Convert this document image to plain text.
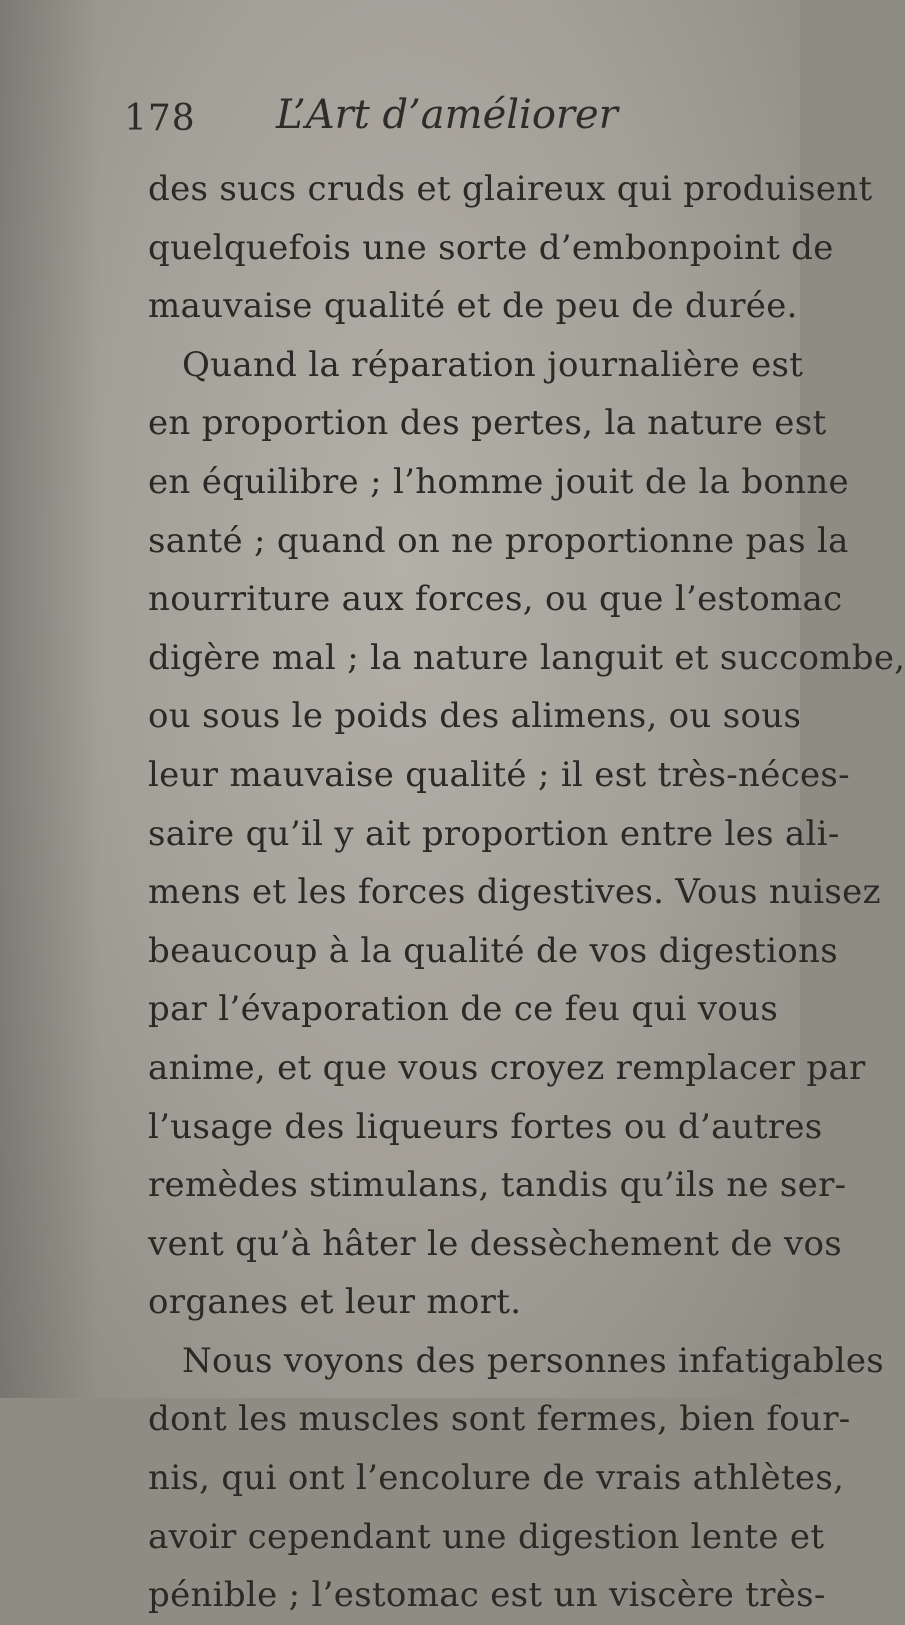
178 L’Art d’améliorer
des sucs cruds et glaireux qui produisent
quelquefois une sorte d’embonpoint de
mauvaise qualité et de peu de durée.
Quand la réparation journalière est
en proportion des pertes, la nature est
en équilibre ; l’homme jouit de la bonne
santé ; quand on ne proportionne pas la
nourriture aux forces, ou que l’estomac
digère mal ; la nature languit et succombe,
ou sous le poids des alimens, ou sous
leur mauvaise qualité ; il est très-néces-
saire qu’il y ait proportion entre les ali-
mens et les forces digestives. Vous nuisez
beaucoup à la qualité de vos digestions
par l’évaporation de ce feu qui vous
anime, et que vous croyez remplacer par
l’usage des liqueurs fortes ou d’autres
remèdes stimulans, tandis qu’ils ne ser-
vent qu’à hâter le dessèchement de vos
organes et leur mort.
Nous voyons des personnes infatigables
dont les muscles sont fermes, bien four-
nis, qui ont l’encolure de vrais athlètes,
avoir cependant une digestion lente et
pénible ; l’estomac est un viscère très-
